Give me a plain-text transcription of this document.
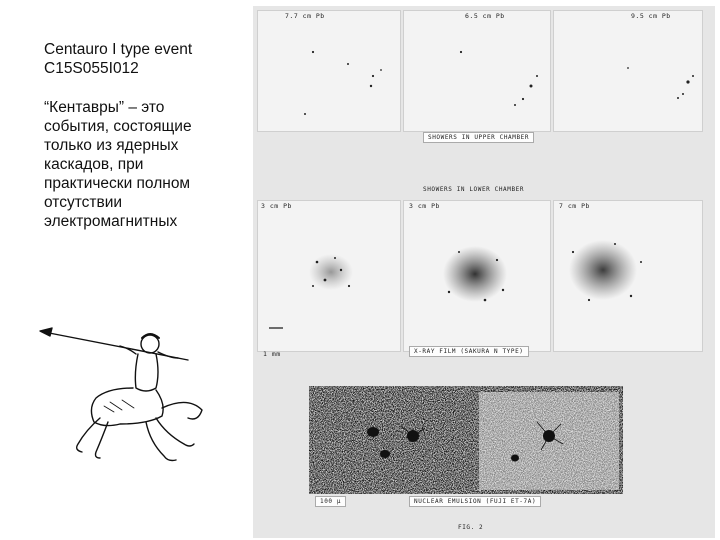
Centauro I type event
C15S055I012
“Кентавры” – это
события, состоящие
только из ядерных
каскадов, при
практически полном
отсутствии
электромагнитных
7.7 cm Pb	6.5 cm Pb	9.5 cm Pb
SHOWERS IN UPPER CHAMBER
SHOWERS IN LOWER CHAMBER
3 cm Pb	3 cm Pb	7 cm Pb
1 mm	X-RAY FILM (SAKURA N TYPE)
100 μ	NUCLEAR EMULSION (FUJI ET-7A)
FIG. 2
